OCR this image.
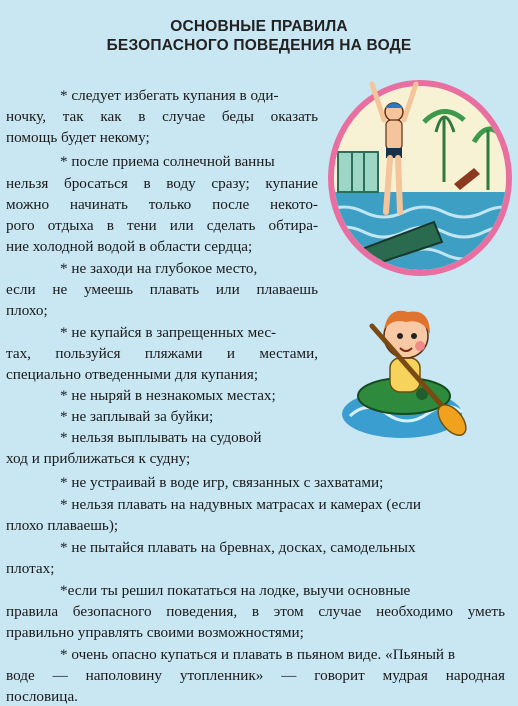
ОСНОВНЫЕ ПРАВИЛА
БЕЗОПАСНОГО ПОВЕДЕНИЯ НА ВОДЕ
* следует избегать купания в оди-
ночку, так как в случае беды оказать
помощь будет некому;
* после приема солнечной ванны
нельзя бросаться в воду сразу; купание
можно начинать только после некото-
рого отдыха в тени или сделать обтира-
ние холодной водой в области сердца;
* не заходи на глубокое место,
если не умеешь плавать или плаваешь
плохо;
* не купайся в запрещенных мес-
тах, пользуйся пляжами и местами,
специально отведенными для купания;
* не ныряй в незнакомых местах;
* не заплывай за буйки;
* нельзя выплывать на судовой
ход и приближаться к судну;
* не устраивай в воде игр, связанных с захватами;
* нельзя плавать на надувных матрасах и камерах (если
плохо плаваешь);
* не пытайся плавать на бревнах, досках, самодельных
плотах;
*если ты решил покататься на лодке, выучи основные
правила безопасного поведения, в этом случае необходимо уметь
правильно управлять своими возможностями;
* очень опасно купаться и плавать в пьяном виде. «Пьяный в
воде — наполовину утопленник» — говорит мудрая народная
пословица.
